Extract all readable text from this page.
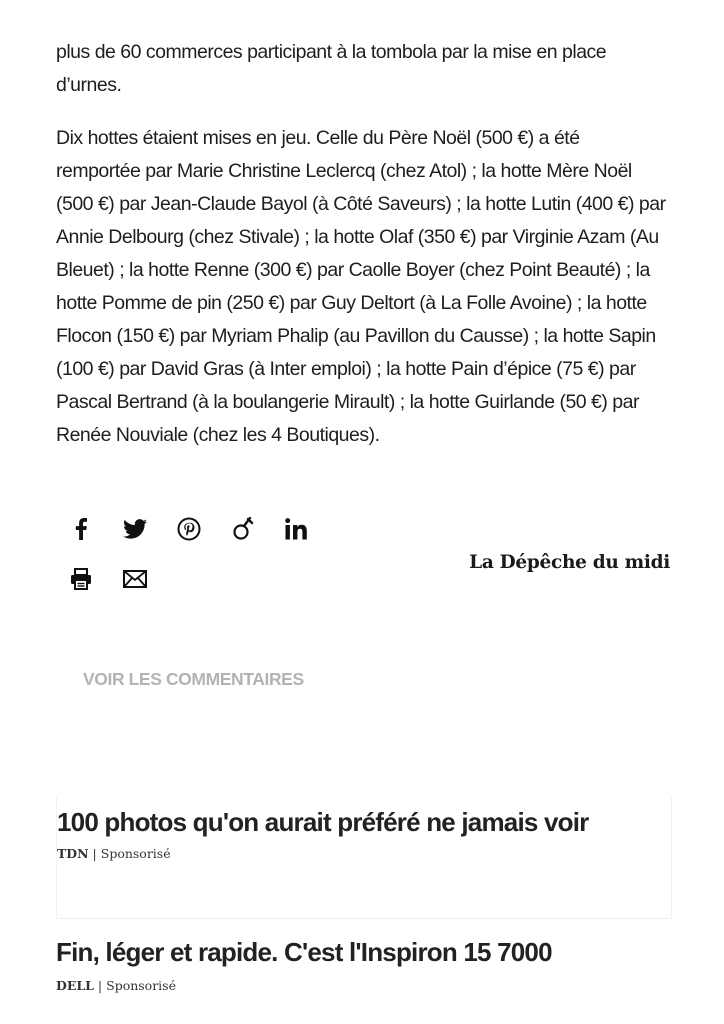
plus de 60 commerces participant à la tombola par la mise en place d’urnes.

Dix hottes étaient mises en jeu. Celle du Père Noël (500 €) a été remportée par Marie Christine Leclercq (chez Atol) ; la hotte Mère Noël (500 €) par Jean-Claude Bayol (à Côté Saveurs) ; la hotte Lutin (400 €) par Annie Delbourg (chez Stivale) ; la hotte Olaf (350 €) par Virginie Azam (Au Bleuet) ; la hotte Renne (300 €) par Caolle Boyer (chez Point Beauté) ; la hotte Pomme de pin (250 €) par Guy Deltort (à La Folle Avoine) ; la hotte Flocon (150 €) par Myriam Phalip (au Pavillon du Causse) ; la hotte Sapin (100 €) par David Gras (à Inter emploi) ; la hotte Pain d’épice (75 €) par Pascal Bertrand (à la boulangerie Mirault) ; la hotte Guirlande (50 €) par Renée Nouviale (chez les 4 Boutiques).

La Dépêche du midi
VOIR LES COMMENTAIRES
100 photos qu'on aurait préféré ne jamais voir
TDN | Sponsorisé
Fin, léger et rapide. C'est l'Inspiron 15 7000
DELL | Sponsorisé
